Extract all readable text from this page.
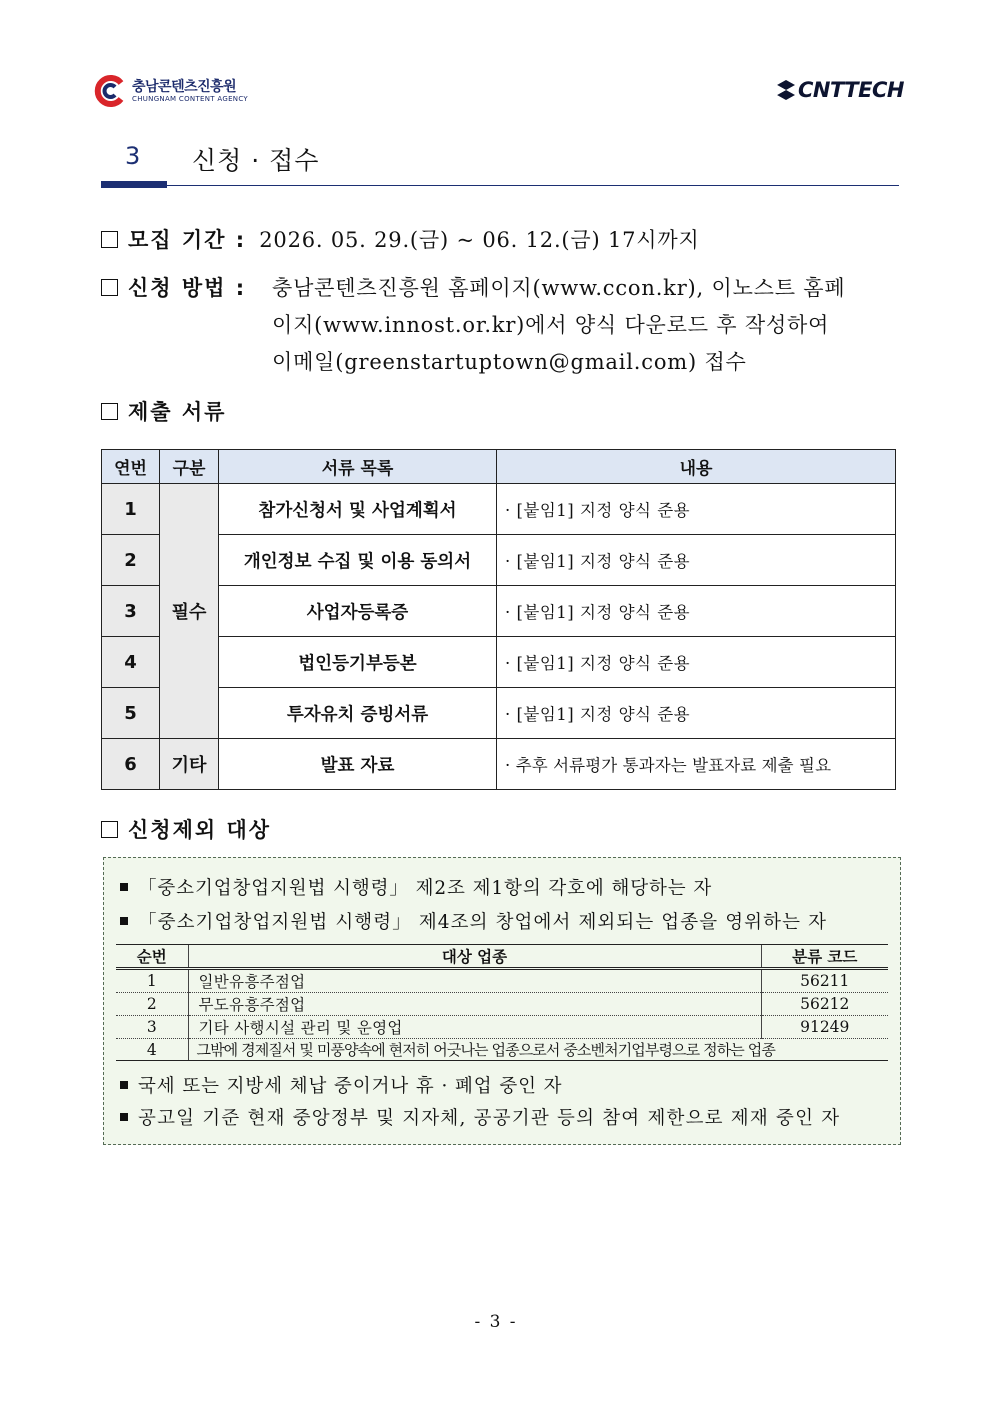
충남콘텐츠진흥원
CHUNGNAM CONTENT AGENCY	CNTTECH
3 신청 · 접수
모집 기간 : 2026. 05. 29.(금) ~ 06. 12.(금) 17시까지
신청 방법 : 충남콘텐츠진흥원 홈페이지(www.ccon.kr), 이노스트 홈페
이지(www.innost.or.kr)에서 양식 다운로드 후 작성하여
이메일(greenstartuptown@gmail.com) 접수
제출 서류
연번	구분	서류 목록	내용
1	필수	참가신청서 및 사업계획서	· [붙임1] 지정 양식 준용
2		개인정보 수집 및 이용 동의서	· [붙임1] 지정 양식 준용
3		사업자등록증	· [붙임1] 지정 양식 준용
4		법인등기부등본	· [붙임1] 지정 양식 준용
5		투자유치 증빙서류	· [붙임1] 지정 양식 준용
6	기타	발표 자료	· 추후 서류평가 통과자는 발표자료 제출 필요
신청제외 대상
「중소기업창업지원법 시행령」 제2조 제1항의 각호에 해당하는 자
「중소기업창업지원법 시행령」 제4조의 창업에서 제외되는 업종을 영위하는 자
순번	대상 업종	분류 코드
1	일반유흥주점업	56211
2	무도유흥주점업	56212
3	기타 사행시설 관리 및 운영업	91249
4	그밖에 경제질서 및 미풍양속에 현저히 어긋나는 업종으로서 중소벤처기업부령으로 정하는 업종	
국세 또는 지방세 체납 중이거나 휴 · 폐업 중인 자
공고일 기준 현재 중앙정부 및 지자체, 공공기관 등의 참여 제한으로 제재 중인 자
- 3 -
